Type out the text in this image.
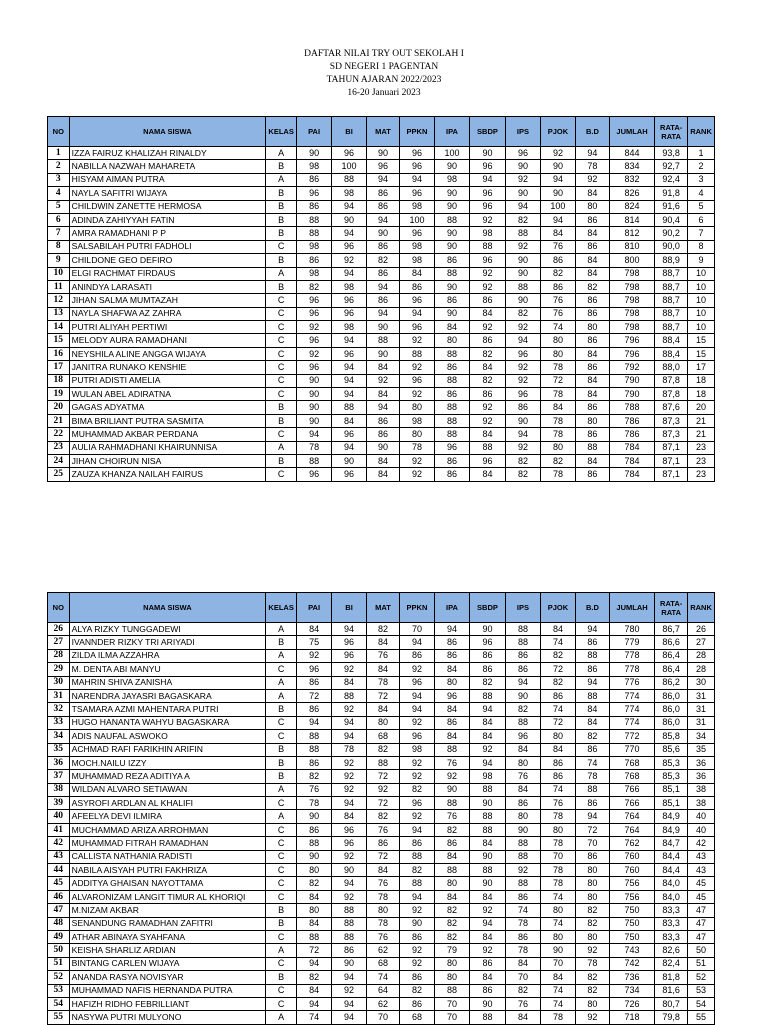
DAFTAR NILAI TRY OUT SEKOLAH I
SD NEGERI 1 PAGENTAN
TAHUN AJARAN 2022/2023
16-20 Januari 2023
NO	NAMA SISWA	KELAS	PAI	BI	MAT	PPKN	IPA	SBDP	IPS	PJOK	B.D	JUMLAH	RATA-
RATA	RANK
1	IZZA FAIRUZ KHALIZAH RINALDY	A	90	96	90	96	100	90	96	92	94	844	93,8	1
2	NABILLA NAZWAH MAHARETA	B	98	100	96	96	90	96	90	90	78	834	92,7	2
3	HISYAM AIMAN PUTRA	A	86	88	94	94	98	94	92	94	92	832	92,4	3
4	NAYLA SAFITRI WIJAYA	B	96	98	86	96	90	96	90	90	84	826	91,8	4
5	CHILDWIN ZANETTE HERMOSA	B	86	94	86	98	90	96	94	100	80	824	91,6	5
6	ADINDA ZAHIYYAH FATIN	B	88	90	94	100	88	92	82	94	86	814	90,4	6
7	AMRA RAMADHANI P P	B	88	94	90	96	90	98	88	84	84	812	90,2	7
8	SALSABILAH PUTRI FADHOLI	C	98	96	86	98	90	88	92	76	86	810	90,0	8
9	CHILDONE GEO DEFIRO	B	86	92	82	98	86	96	90	86	84	800	88,9	9
10	ELGI RACHMAT FIRDAUS	A	98	94	86	84	88	92	90	82	84	798	88,7	10
11	ANINDYA LARASATI	B	82	98	94	86	90	92	88	86	82	798	88,7	10
12	JIHAN SALMA MUMTAZAH	C	96	96	86	96	86	86	90	76	86	798	88,7	10
13	NAYLA SHAFWA AZ ZAHRA	C	96	96	94	94	90	84	82	76	86	798	88,7	10
14	PUTRI ALIYAH PERTIWI	C	92	98	90	96	84	92	92	74	80	798	88,7	10
15	MELODY AURA RAMADHANI	C	96	94	88	92	80	86	94	80	86	796	88,4	15
16	NEYSHILA ALINE ANGGA WIJAYA	C	92	96	90	88	88	82	96	80	84	796	88,4	15
17	JANITRA RUNAKO KENSHIE	C	96	94	84	92	86	84	92	78	86	792	88,0	17
18	PUTRI ADISTI AMELIA	C	90	94	92	96	88	82	92	72	84	790	87,8	18
19	WULAN ABEL ADIRATNA	C	90	94	84	92	86	86	96	78	84	790	87,8	18
20	GAGAS ADYATMA	B	90	88	94	80	88	92	86	84	86	788	87,6	20
21	BIMA BRILIANT PUTRA SASMITA	B	90	84	86	98	88	92	90	78	80	786	87,3	21
22	MUHAMMAD AKBAR PERDANA	C	94	96	86	80	88	84	94	78	86	786	87,3	21
23	AULIA RAHMADHANI KHAIRUNNISA	A	78	94	90	78	96	88	92	80	88	784	87,1	23
24	JIHAN CHOIRUN NISA	B	88	90	84	92	86	96	82	82	84	784	87,1	23
25	ZAUZA KHANZA NAILAH FAIRUS	C	96	96	84	92	86	84	82	78	86	784	87,1	23
NO	NAMA SISWA	KELAS	PAI	BI	MAT	PPKN	IPA	SBDP	IPS	PJOK	B.D	JUMLAH	RATA-
RATA	RANK
26	ALYA RIZKY TUNGGADEWI	A	84	94	82	70	94	90	88	84	94	780	86,7	26
27	IVANNDER RIZKY TRI ARIYADI	B	75	96	84	94	86	96	88	74	86	779	86,6	27
28	ZILDA ILMA AZZAHRA	A	92	96	76	86	86	86	86	82	88	778	86,4	28
29	M. DENTA ABI MANYU	C	96	92	84	92	84	86	86	72	86	778	86,4	28
30	MAHRIN SHIVA ZANISHA	A	86	84	78	96	80	82	94	82	94	776	86,2	30
31	NARENDRA JAYASRI BAGASKARA	A	72	88	72	94	96	88	90	86	88	774	86,0	31
32	TSAMARA AZMI MAHENTARA PUTRI	B	86	92	84	94	84	94	82	74	84	774	86,0	31
33	HUGO HANANTA WAHYU BAGASKARA	C	94	94	80	92	86	84	88	72	84	774	86,0	31
34	ADIS NAUFAL ASWOKO	C	88	94	68	96	84	84	96	80	82	772	85,8	34
35	ACHMAD RAFI FARIKHIN ARIFIN	B	88	78	82	98	88	92	84	84	86	770	85,6	35
36	MOCH.NAILU IZZY	B	86	92	88	92	76	94	80	86	74	768	85,3	36
37	MUHAMMAD REZA ADITIYA A	B	82	92	72	92	92	98	76	86	78	768	85,3	36
38	WILDAN ALVARO SETIAWAN	A	76	92	92	82	90	88	84	74	88	766	85,1	38
39	ASYROFI ARDLAN AL KHALIFI	C	78	94	72	96	88	90	86	76	86	766	85,1	38
40	AFEELYA DEVI ILMIRA	A	90	84	82	92	76	88	80	78	94	764	84,9	40
41	MUCHAMMAD ARIZA ARROHMAN	C	86	96	76	94	82	88	90	80	72	764	84,9	40
42	MUHAMMAD FITRAH RAMADHAN	C	88	96	86	86	86	84	88	78	70	762	84,7	42
43	CALLISTA NATHANIA RADISTI	C	90	92	72	88	84	90	88	70	86	760	84,4	43
44	NABILA AISYAH PUTRI FAKHRIZA	C	80	90	84	82	88	88	92	78	80	760	84,4	43
45	ADDITYA GHAISAN NAYOTTAMA	C	82	94	76	88	80	90	88	78	80	756	84,0	45
46	ALVARONIZAM LANGIT TIMUR AL KHORIQI	C	84	92	78	94	84	84	86	74	80	756	84,0	45
47	M.NIZAM AKBAR	B	80	88	80	92	82	92	74	80	82	750	83,3	47
48	SENANDUNG RAMADHAN ZAFITRI	B	84	88	78	90	82	94	78	74	82	750	83,3	47
49	ATHAR ABINAYA SYAHFANA	C	88	88	76	86	82	84	86	80	80	750	83,3	47
50	KEISHA SHARLIZ ARDIAN	A	72	86	62	92	79	92	78	90	92	743	82,6	50
51	BINTANG CARLEN WIJAYA	C	94	90	68	92	80	86	84	70	78	742	82,4	51
52	ANANDA RASYA NOVISYAR	B	82	94	74	86	80	84	70	84	82	736	81,8	52
53	MUHAMMAD NAFIS HERNANDA PUTRA	C	84	92	64	82	88	86	82	74	82	734	81,6	53
54	HAFIZH RIDHO FEBRILLIANT	C	94	94	62	86	70	90	76	74	80	726	80,7	54
55	NASYWA PUTRI MULYONO	A	74	94	70	68	70	88	84	78	92	718	79,8	55
